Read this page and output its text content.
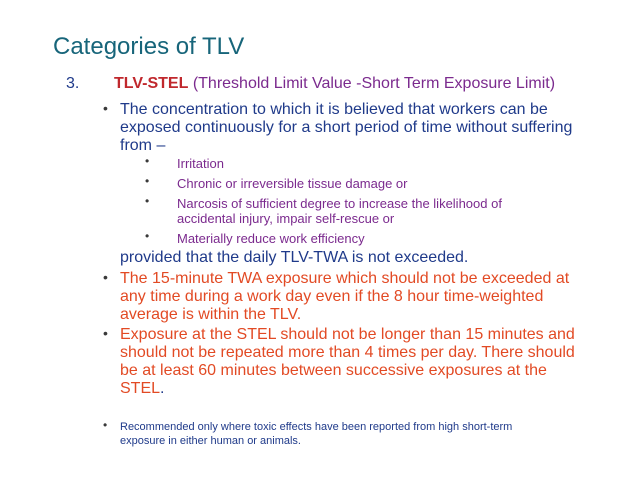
Categories of TLV
3. TLV-STEL (Threshold Limit Value -Short Term Exposure Limit)
• The concentration to which it is believed that workers can be
exposed continuously for a short period of time without suffering
from –
• Irritation
• Chronic or irreversible tissue damage or
• Narcosis of sufficient degree to increase the likelihood of
accidental injury, impair self-rescue or
• Materially reduce work efficiency
provided that the daily TLV-TWA is not exceeded.
• The 15-minute TWA exposure which should not be exceeded at
any time during a work day even if the 8 hour time-weighted
average is within the TLV.
• Exposure at the STEL should not be longer than 15 minutes and
should not be repeated more than 4 times per day. There should
be at least 60 minutes between successive exposures at the
STEL.
• Recommended only where toxic effects have been reported from high short-term
exposure in either human or animals.
